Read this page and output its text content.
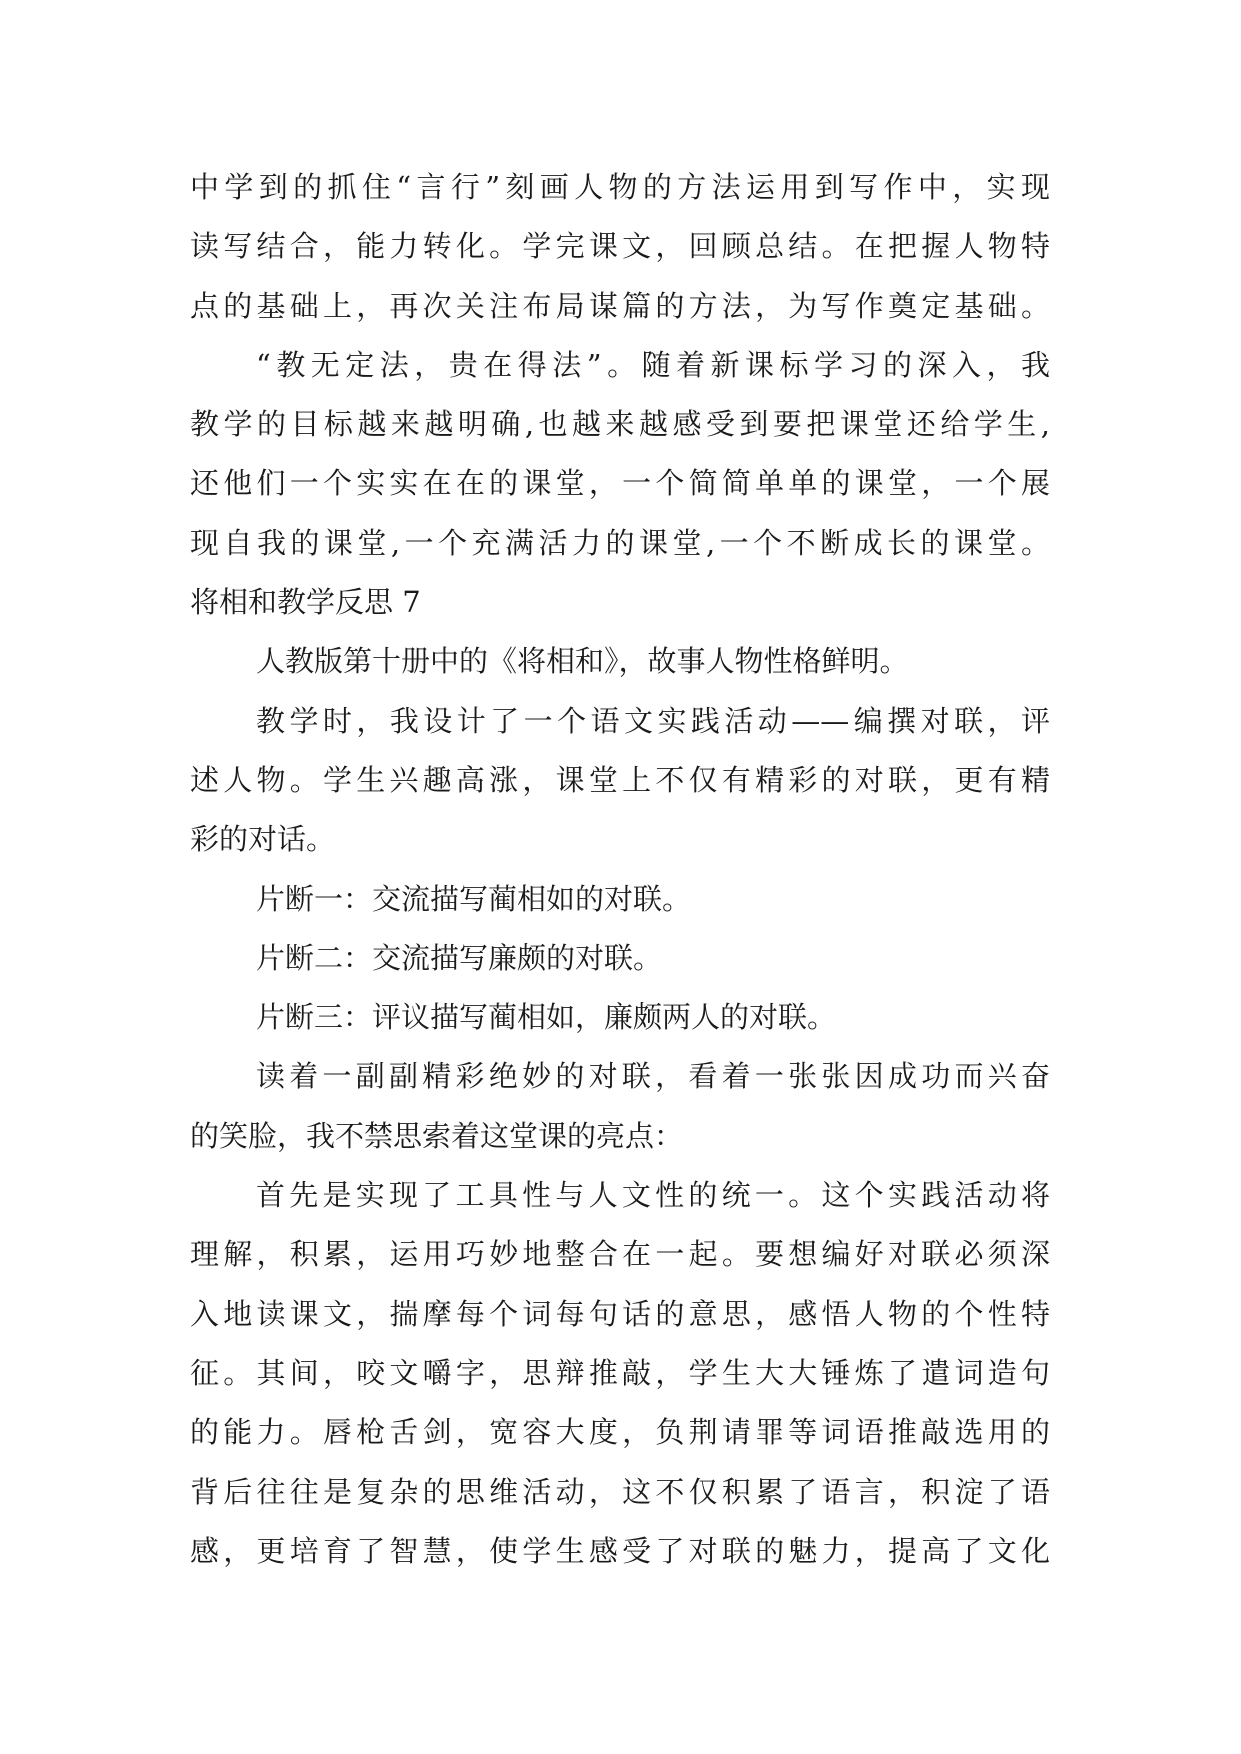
中学到的抓住“言行”刻画人物的方法运用到写作中，实现
读写结合，能力转化。学完课文，回顾总结。在把握人物特
点的基础上，再次关注布局谋篇的方法，为写作奠定基础。
“教无定法，贵在得法”。随着新课标学习的深入，我
教学的目标越来越明确,也越来越感受到要把课堂还给学生,
还他们一个实实在在的课堂，一个简简单单的课堂，一个展
现自我的课堂,一个充满活力的课堂,一个不断成长的课堂。
将相和教学反思 7
人教版第十册中的《将相和》，故事人物性格鲜明。
教学时，我设计了一个语文实践活动——编撰对联，评
述人物。学生兴趣高涨，课堂上不仅有精彩的对联，更有精
彩的对话。
片断一：交流描写蔺相如的对联。
片断二：交流描写廉颇的对联。
片断三：评议描写蔺相如，廉颇两人的对联。
读着一副副精彩绝妙的对联，看着一张张因成功而兴奋
的笑脸，我不禁思索着这堂课的亮点：
首先是实现了工具性与人文性的统一。这个实践活动将
理解，积累，运用巧妙地整合在一起。要想编好对联必须深
入地读课文，揣摩每个词每句话的意思，感悟人物的个性特
征。其间，咬文嚼字，思辩推敲，学生大大锤炼了遣词造句
的能力。唇枪舌剑，宽容大度，负荆请罪等词语推敲选用的
背后往往是复杂的思维活动，这不仅积累了语言，积淀了语
感，更培育了智慧，使学生感受了对联的魅力，提高了文化
